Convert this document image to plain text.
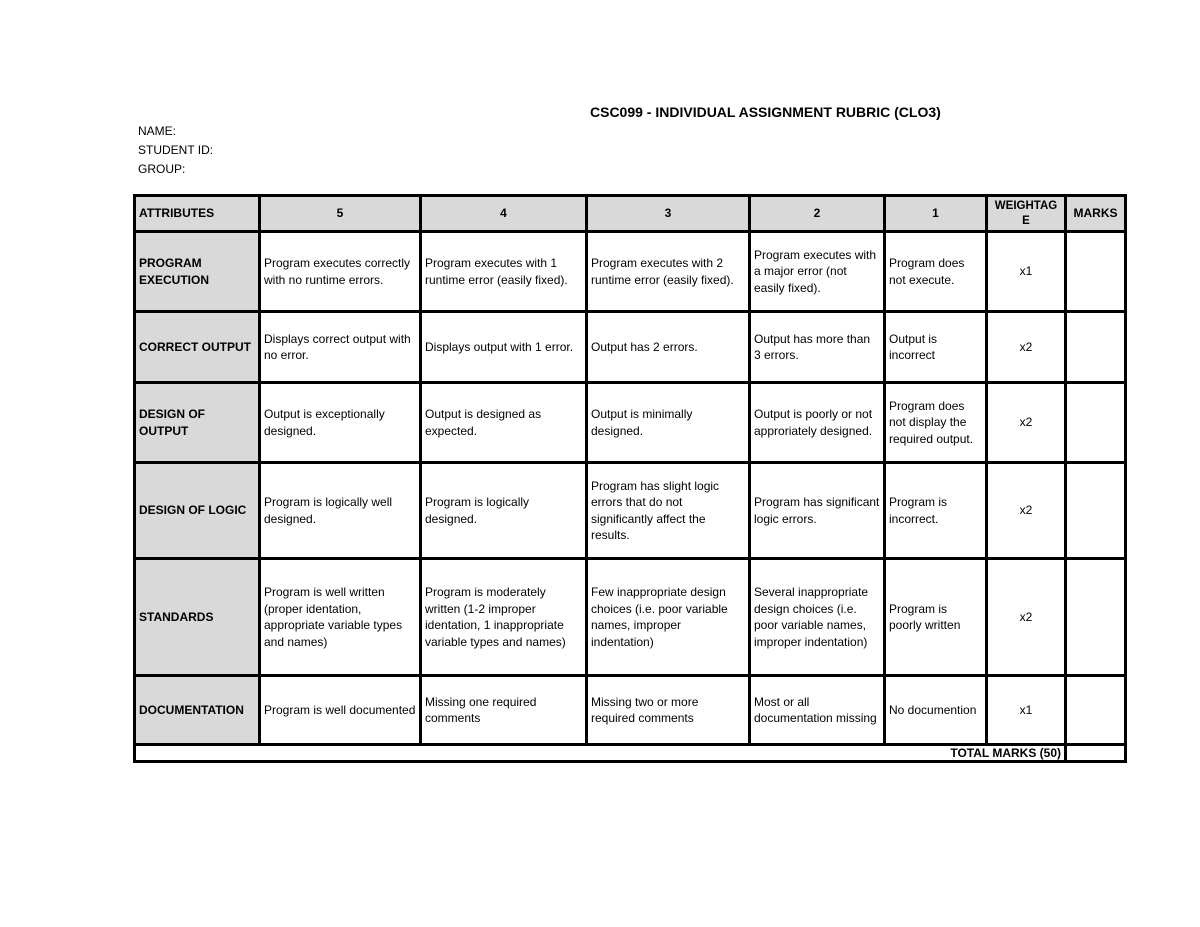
CSC099 - INDIVIDUAL ASSIGNMENT RUBRIC (CLO3)
NAME:
STUDENT ID:
GROUP:
ATTRIBUTES	5	4	3	2	1	WEIGHTAG E	MARKS
PROGRAM EXECUTION	Program executes correctly with no runtime errors.	Program executes with 1 runtime error (easily fixed).	Program executes with 2 runtime error (easily fixed).	Program executes with a major error (not easily fixed).	Program does not execute.	x1	
CORRECT OUTPUT	Displays correct output with no error.	Displays output with 1 error.	Output has 2 errors.	Output has more than 3 errors.	Output is incorrect	x2	
DESIGN OF OUTPUT	Output is exceptionally designed.	Output is designed as expected.	Output is minimally designed.	Output is poorly or not approriately designed.	Program does not display the required output.	x2	
DESIGN OF LOGIC	Program is logically well designed.	Program is logically designed.	Program has slight logic errors that do not significantly affect the results.	Program has significant logic errors.	Program is incorrect.	x2	
STANDARDS	Program is well written (proper identation, appropriate variable types and names)	Program is moderately written (1-2 improper identation, 1 inappropriate variable types and names)	Few inappropriate design choices (i.e. poor variable names, improper indentation)	Several inappropriate design choices (i.e. poor variable names, improper indentation)	Program is poorly written	x2	
DOCUMENTATION	Program is well documented	Missing one required comments	Missing two or more required comments	Most or all documentation missing	No documention	x1	
TOTAL MARKS (50)							
